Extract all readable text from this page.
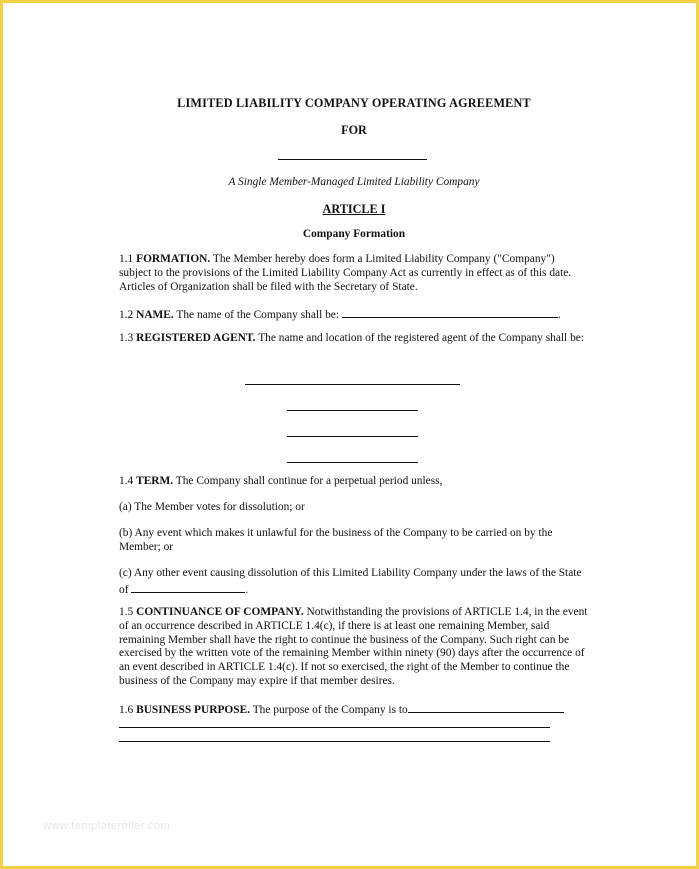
LIMITED LIABILITY COMPANY OPERATING AGREEMENT
FOR
A Single Member-Managed Limited Liability Company
ARTICLE I
Company Formation
1.1 FORMATION. The Member hereby does form a Limited Liability Company ("Company") subject to the provisions of the Limited Liability Company Act as currently in effect as of this date. Articles of Organization shall be filed with the Secretary of State.
1.2 NAME. The name of the Company shall be:	.
1.3 REGISTERED AGENT. The name and location of the registered agent of the Company shall be:
1.4 TERM. The Company shall continue for a perpetual period unless,
(a) The Member votes for dissolution; or
(b) Any event which makes it unlawful for the business of the Company to be carried on by the Member; or
(c) Any other event causing dissolution of this Limited Liability Company under the laws of the State of	.
1.5 CONTINUANCE OF COMPANY. Notwithstanding the provisions of ARTICLE 1.4, in the event of an occurrence described in ARTICLE 1.4(c), if there is at least one remaining Member, said remaining Member shall have the right to continue the business of the Company. Such right can be exercised by the written vote of the remaining Member within ninety (90) days after the occurrence of an event described in ARTICLE 1.4(c). If not so exercised, the right of the Member to continue the business of the Company may expire if that member desires.
1.6 BUSINESS PURPOSE. The purpose of the Company is to
www.templateroller.com
